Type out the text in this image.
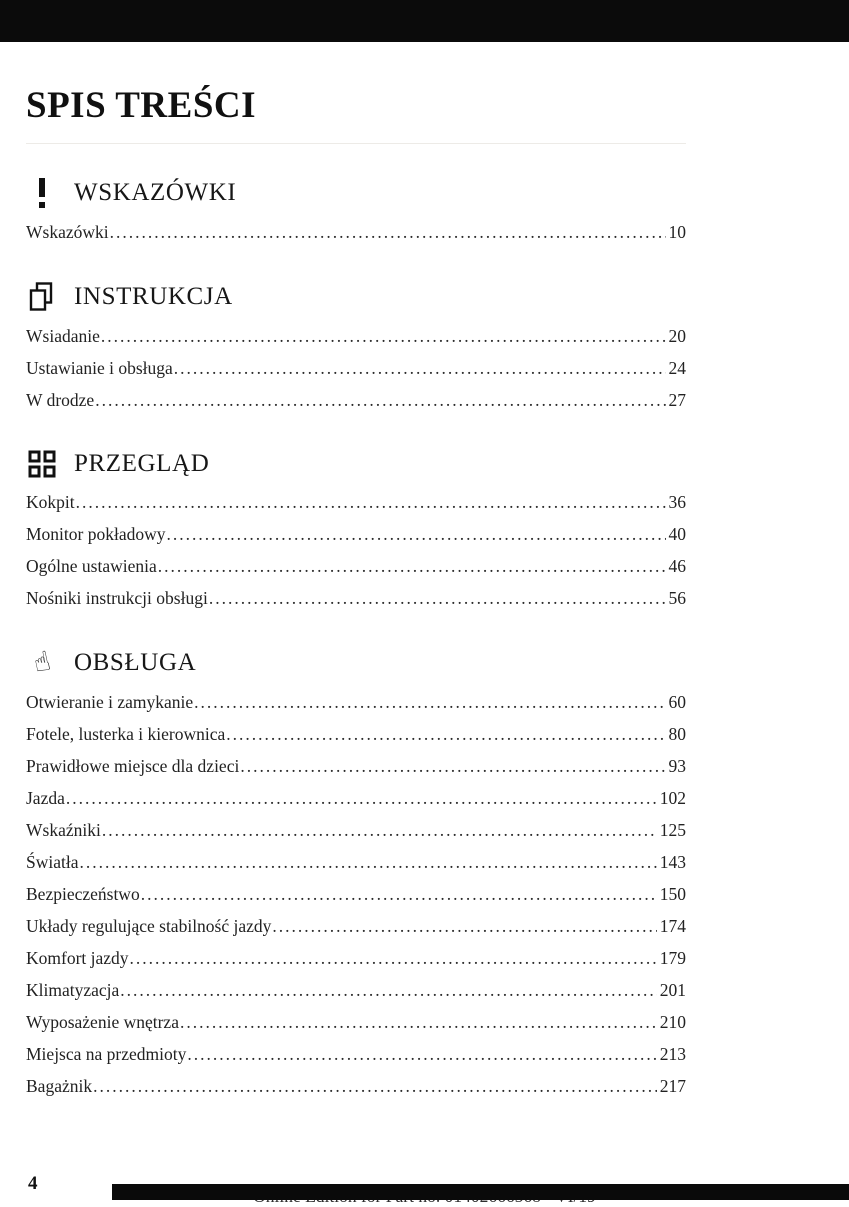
SPIS TREŚCI
WSKAZÓWKI
Wskazówki .....	10
INSTRUKCJA
Wsiadanie .....	20
Ustawianie i obsługa .....	24
W drodze .....	27
PRZEGLĄD
Kokpit .....	36
Monitor pokładowy .....	40
Ogólne ustawienia .....	46
Nośniki instrukcji obsługi .....	56
☝ OBSŁUGA
Otwieranie i zamykanie .....	60
Fotele, lusterka i kierownica .....	80
Prawidłowe miejsce dla dzieci .....	93
Jazda .....	102
Wskaźniki .....	125
Światła .....	143
Bezpieczeństwo .....	150
Układy regulujące stabilność jazdy .....	174
Komfort jazdy .....	179
Klimatyzacja .....	201
Wyposażenie wnętrza .....	210
Miejsca na przedmioty .....	213
Bagażnik .....	217
4
